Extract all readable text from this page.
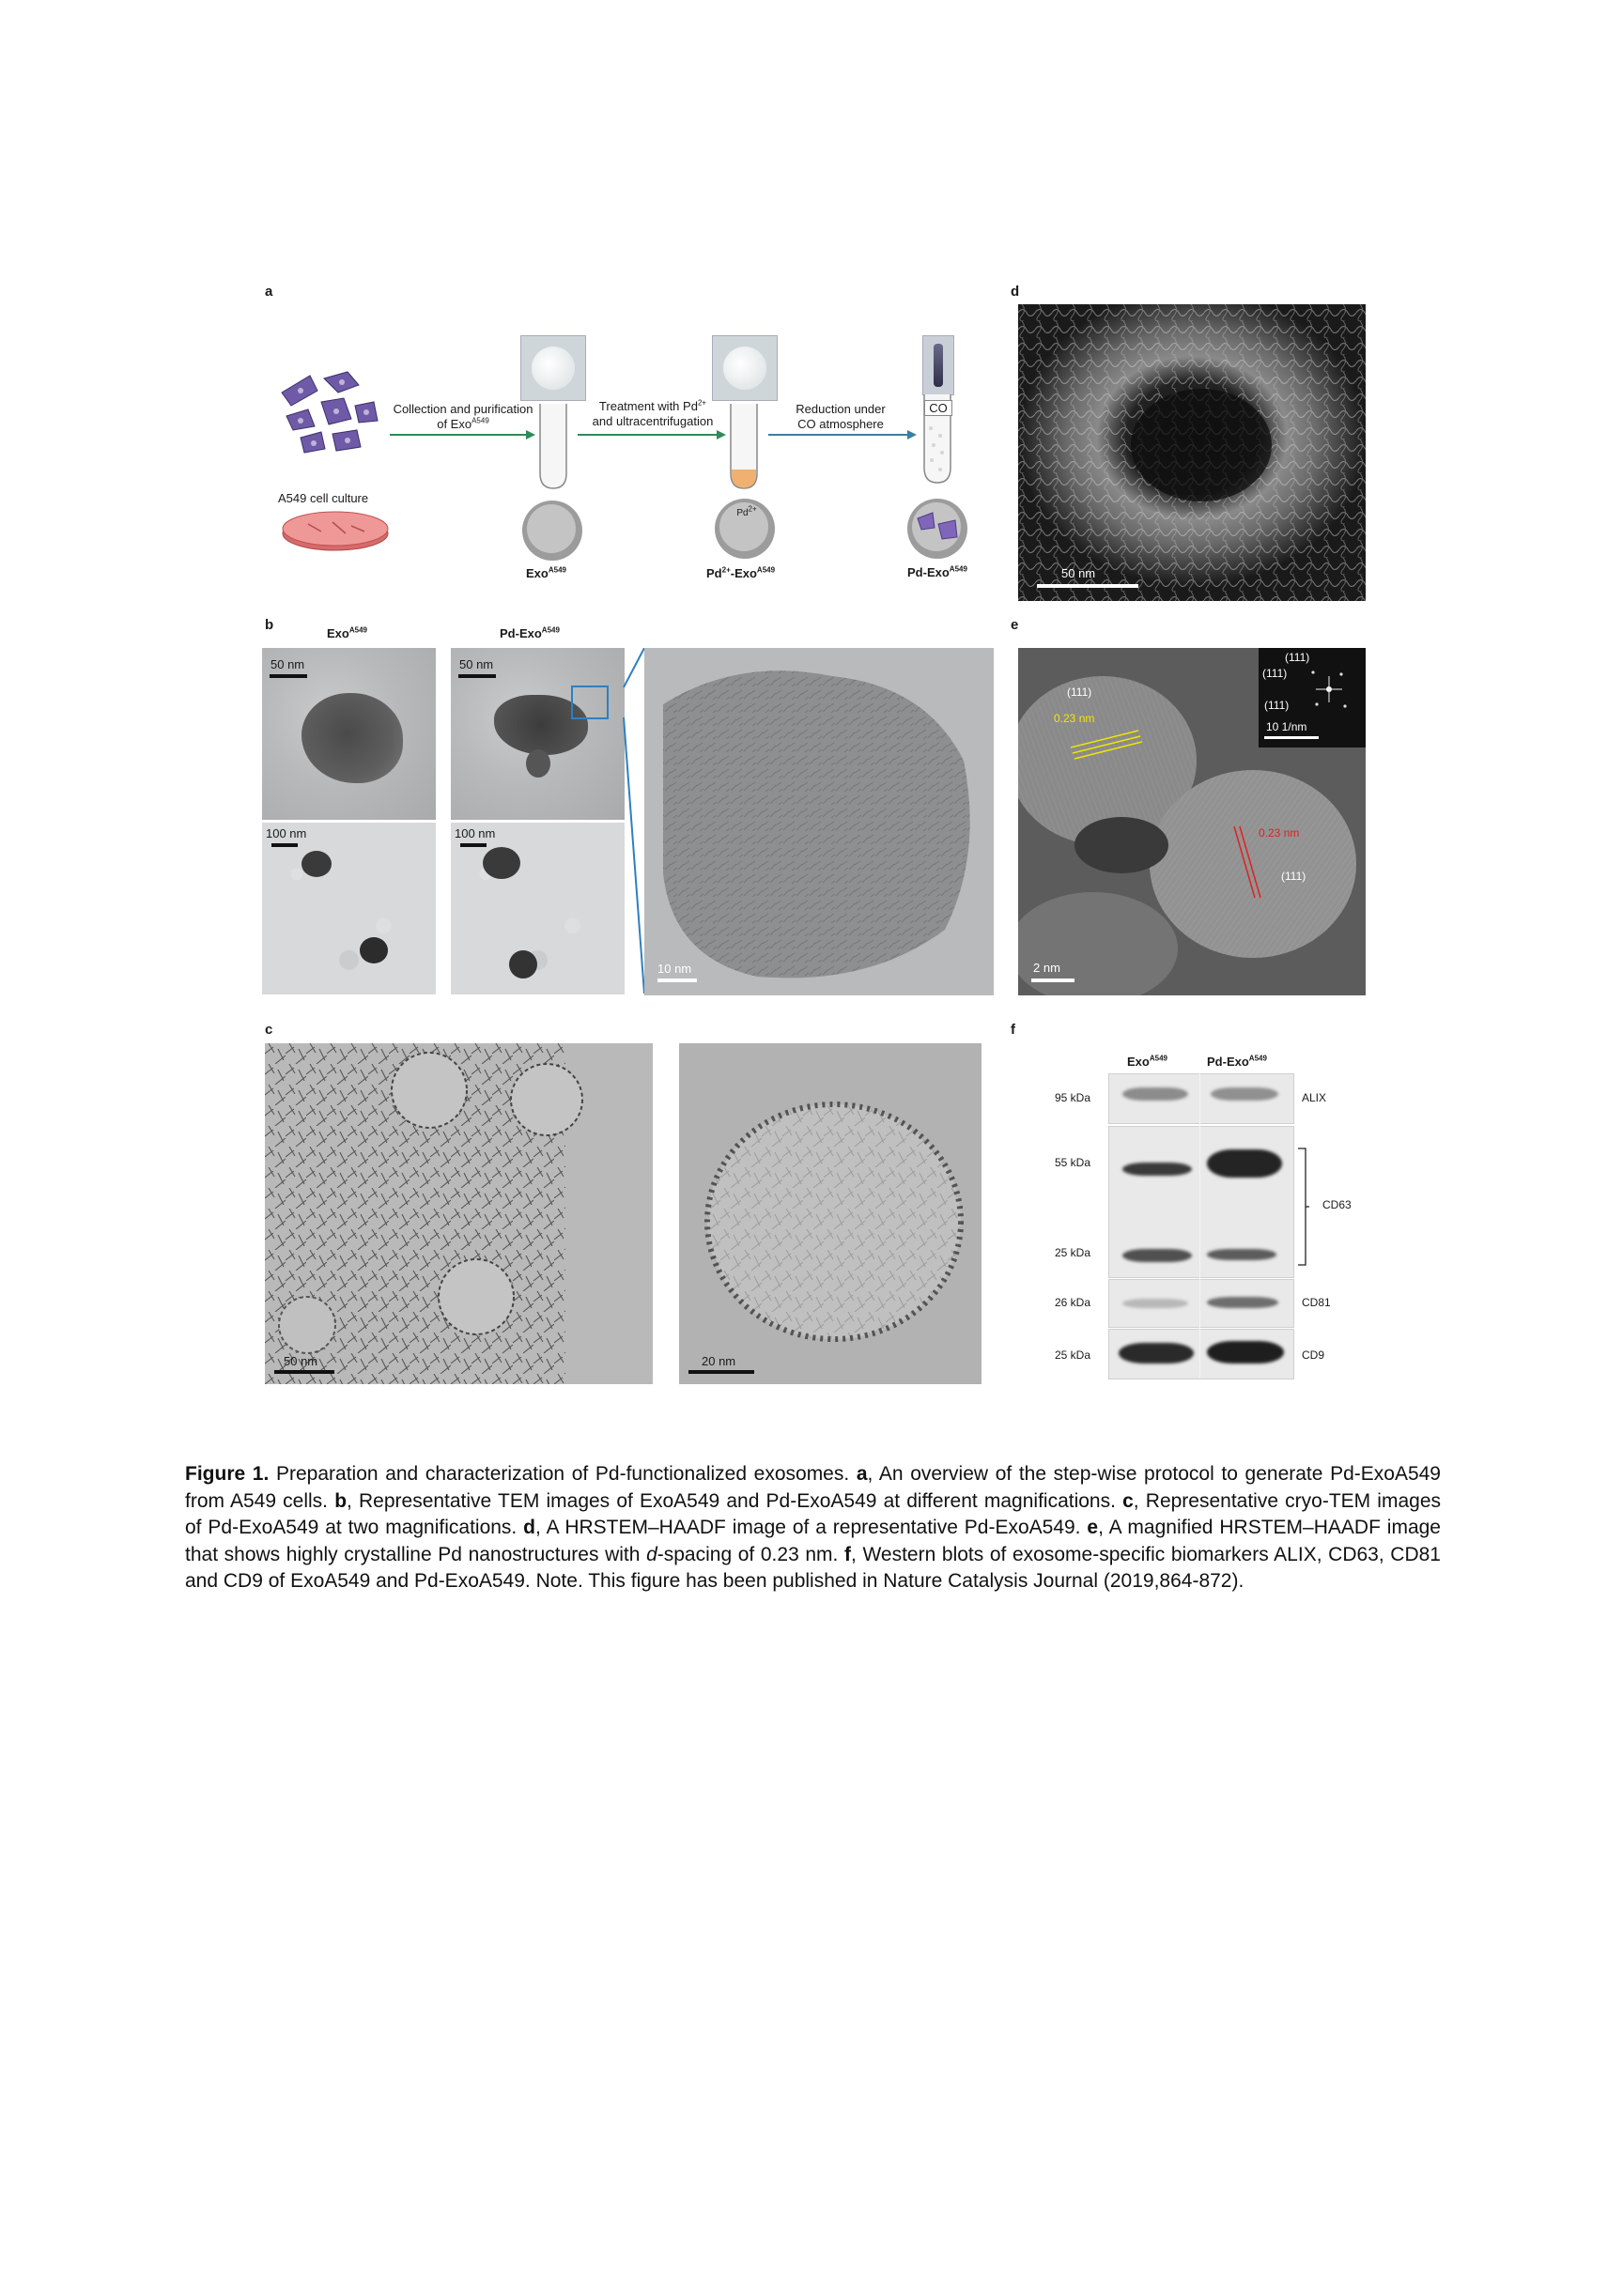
a
A549 cell culture
Collection and purification of Exo$^{A549}$
Exo$^{A549}$
Treatment with $Pd^{2+}$
and ultracentrifugation
$Pd^{2+}$
$Pd^{2+}-Exo^{A549}$
Reduction under
CO atmosphere
CO
Pd-Exo$^{A549}$
d
50 nm
b
Exo$^{A549}$	Pd-Exo$^{A549}$
50 nm
100 nm
50 nm
100 nm
10 nm
e
(111)
(111)
(111)
10 1/nm
(111)
0.23 nm
0.23 nm
(111)
2 nm
c
50 nm	20 nm
f
Exo$^{A549}$	Pd-Exo$^{A549}$
95 kDa
55 kDa
25 kDa
26 kDa
25 kDa
ALIX
CD63
CD81
CD9
Figure 1. Preparation and characterization of Pd-functionalized exosomes. a, An overview of the step-wise protocol to generate Pd-ExoA549 from A549 cells. b, Representative TEM images of ExoA549 and Pd-ExoA549 at different magnifications. c, Representative cryo-TEM images of Pd-ExoA549 at two magnifications. d, A HRSTEM–HAADF image of a representative Pd-ExoA549. e, A magnified HRSTEM–HAADF image that shows highly crystalline Pd nanostructures with d-spacing of 0.23 nm. f, Western blots of exosome-specific biomarkers ALIX, CD63, CD81 and CD9 of ExoA549 and Pd-ExoA549. Note. This figure has been published in Nature Catalysis Journal (2019,864-872).
